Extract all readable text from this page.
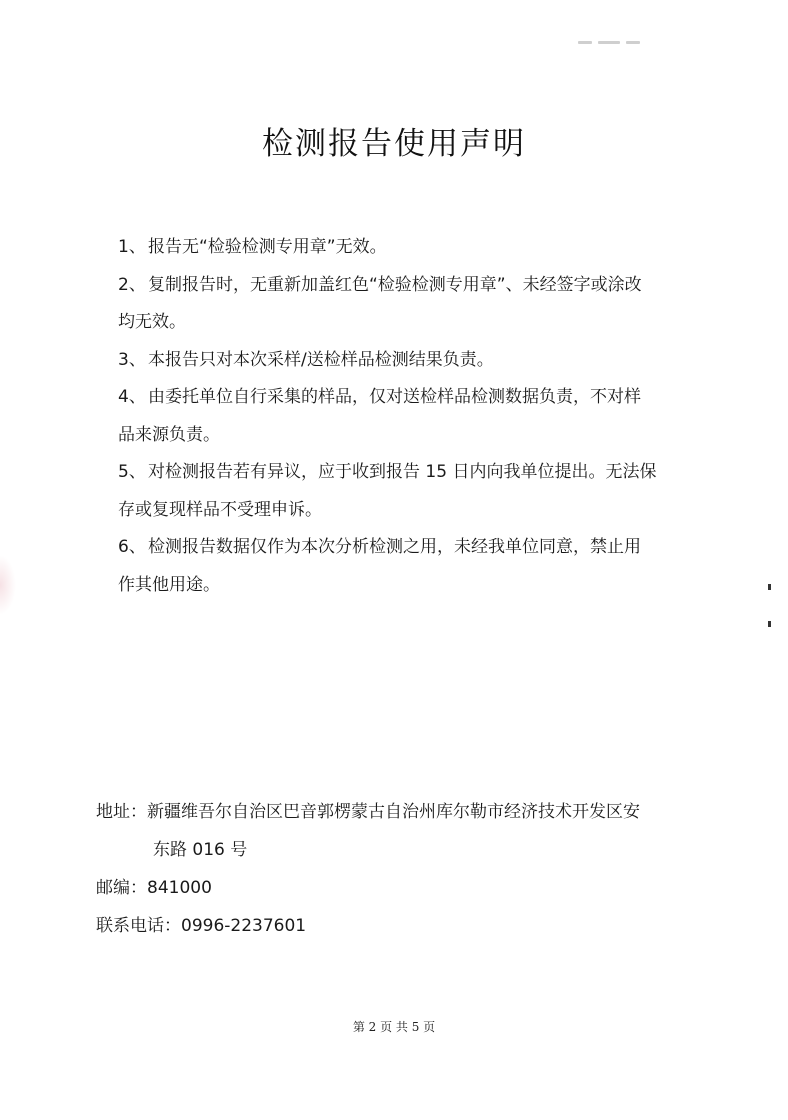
检测报告使用声明
1、 报告无“检验检测专用章”无效。
2、 复制报告时，无重新加盖红色“检验检测专用章”、未经签字或涂改
均无效。
3、 本报告只对本次采样/送检样品检测结果负责。
4、 由委托单位自行采集的样品，仅对送检样品检测数据负责，不对样
品来源负责。
5、 对检测报告若有异议，应于收到报告 15 日内向我单位提出。无法保
存或复现样品不受理申诉。
6、 检测报告数据仅作为本次分析检测之用，未经我单位同意，禁止用
作其他用途。
地址： 新疆维吾尔自治区巴音郭楞蒙古自治州库尔勒市经济技术开发区安
东路 016 号
邮编：841000
联系电话：0996-2237601
第 2 页 共 5 页
